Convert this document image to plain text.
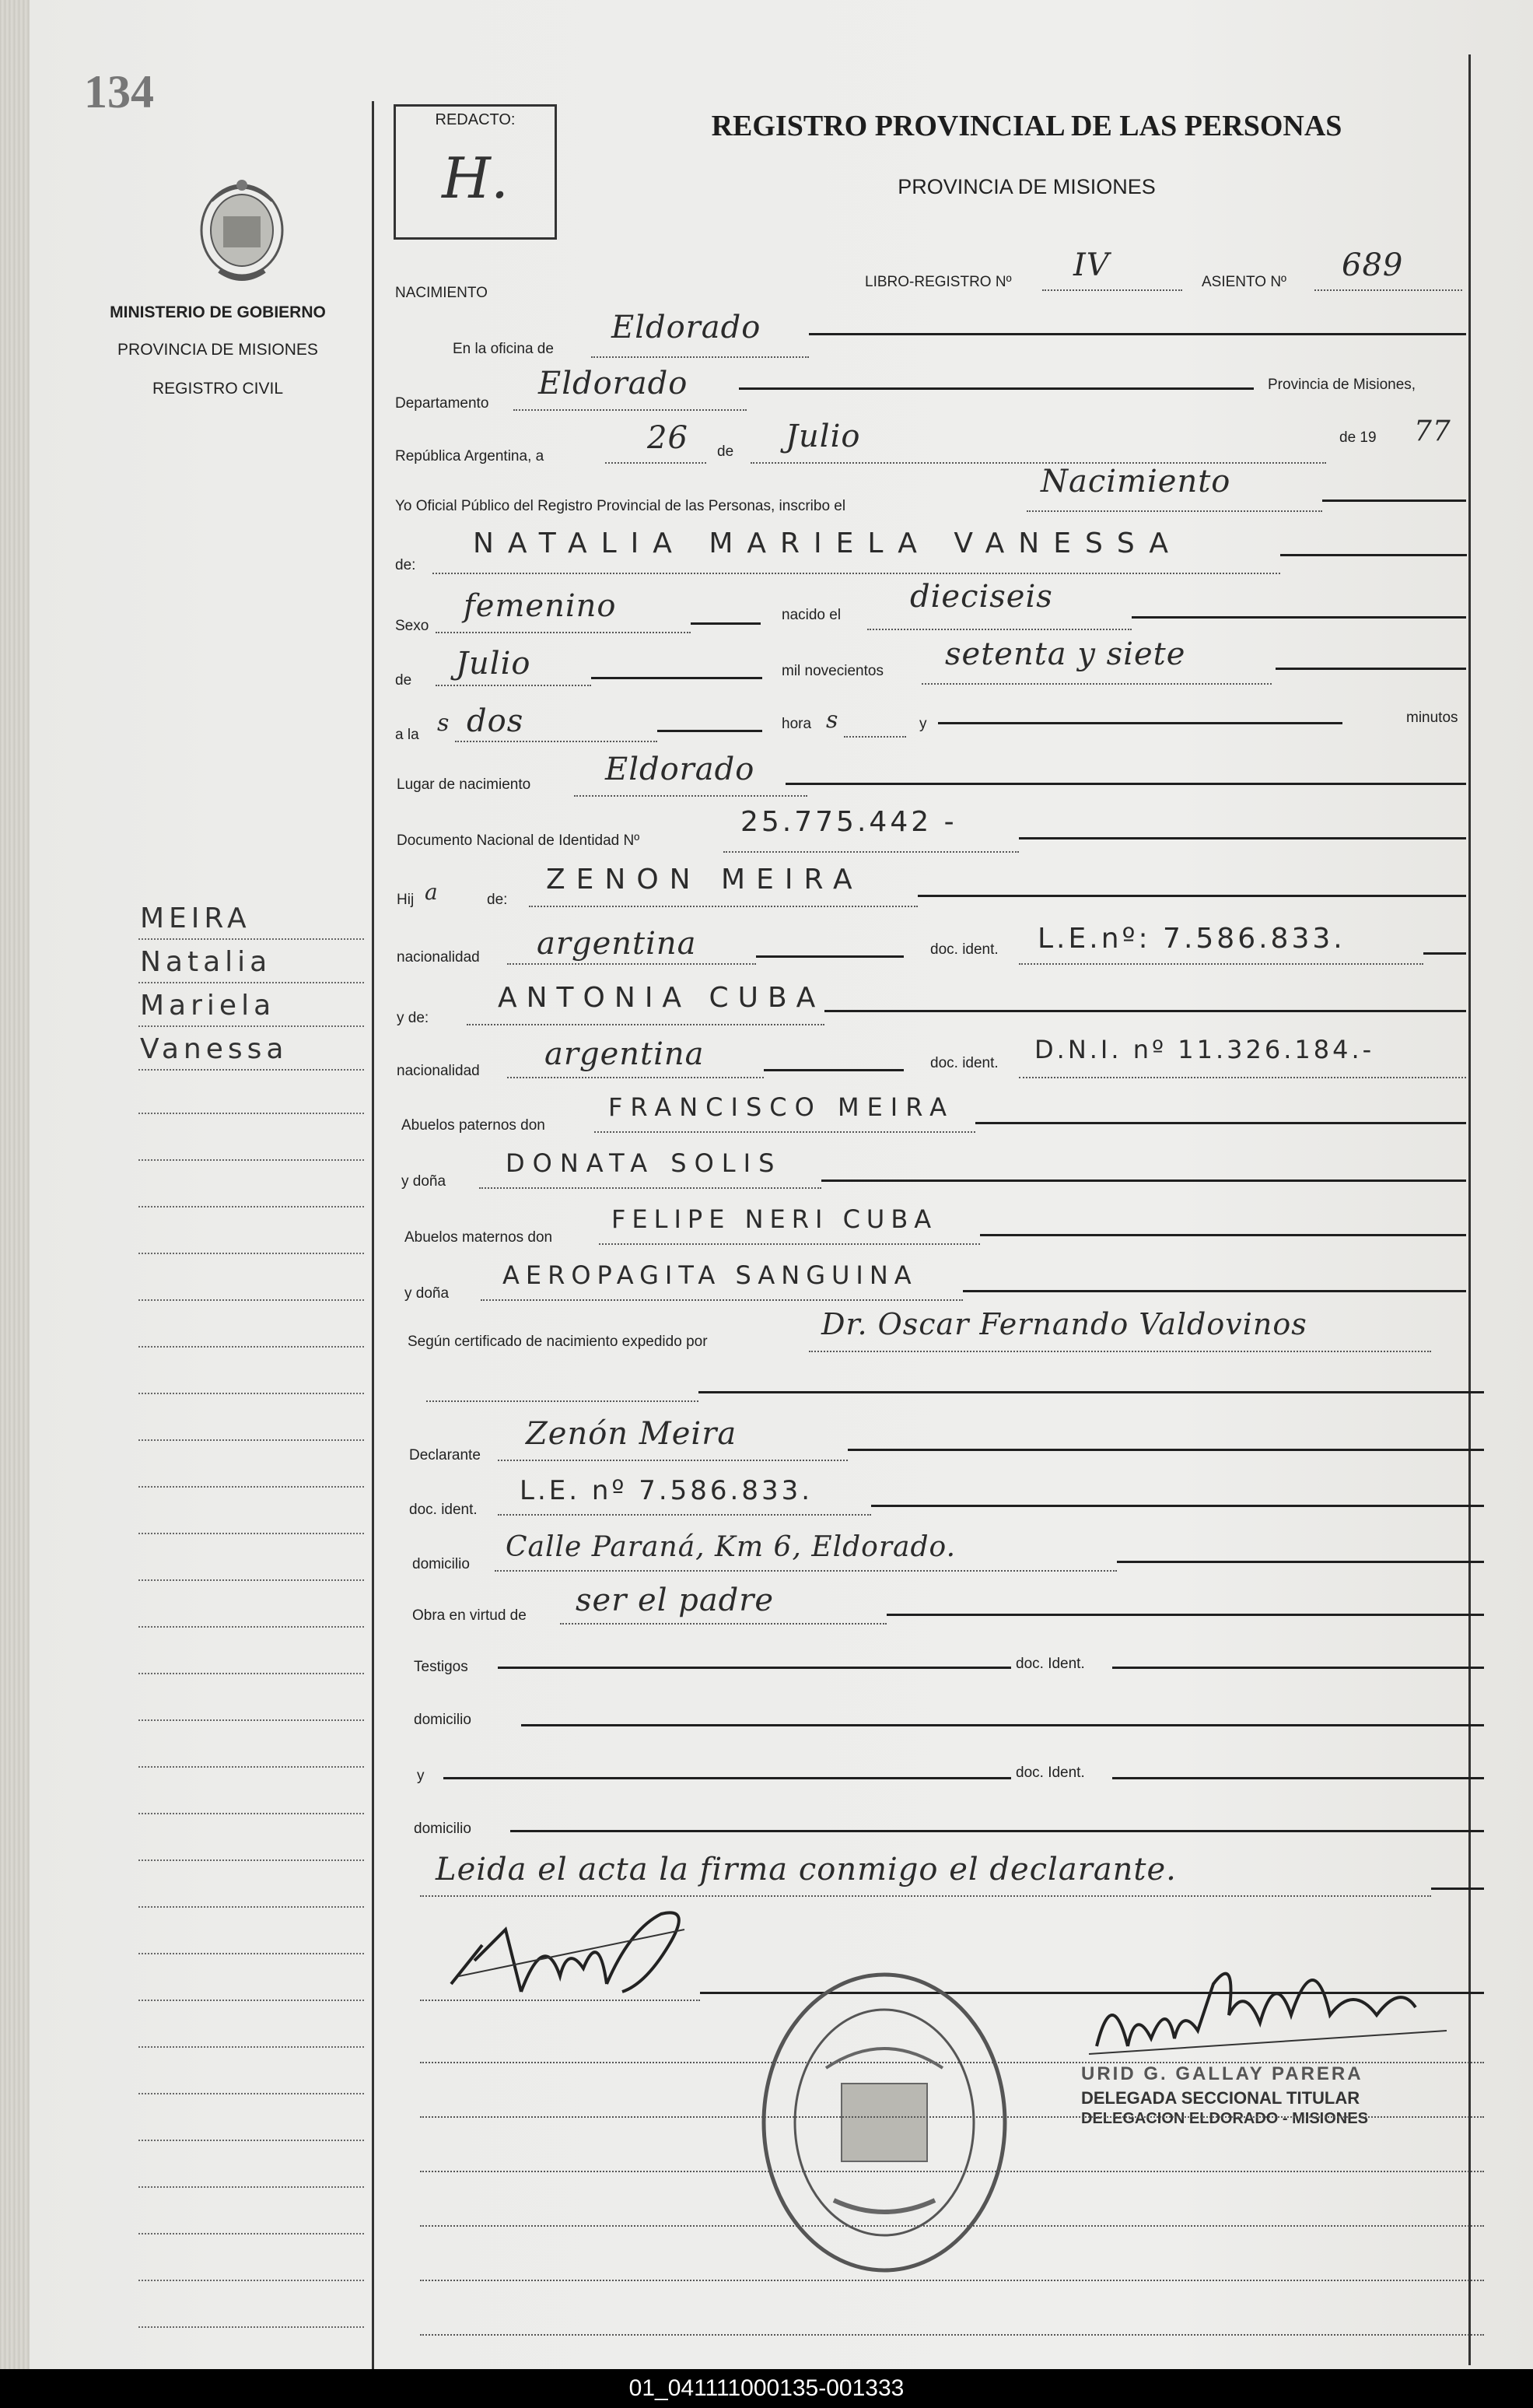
134
MINISTERIO DE GOBIERNO
PROVINCIA DE MISIONES
REGISTRO CIVIL
REDACTO:
H.
REGISTRO PROVINCIAL DE LAS PERSONAS
PROVINCIA DE MISIONES
NACIMIENTO
LIBRO-REGISTRO Nº IV	ASIENTO Nº 689
En la oficina de
Eldorado
Departamento
Eldorado	Provincia de Misiones,
República Argentina, a
26 de Julio	de 19 77
Yo Oficial Público del Registro Provincial de las Personas, inscribo el
Nacimiento
de:
NATALIA MARIELA VANESSA
Sexo
femenino	nacido el
dieciseis
de Julio	mil novecientos setenta y siete
a la s dos	hora s	y	minutos
Lugar de nacimiento Eldorado
Documento Nacional de Identidad Nº
25.775.442 -
Hij a	de:
ZENON MEIRA
nacionalidad argentina	doc. ident. L.E.nº: 7.586.833.
y de:
ANTONIA CUBA
nacionalidad argentina	doc. ident. D.N.I. nº 11.326.184.-
Abuelos paternos don
FRANCISCO MEIRA
y doña
DONATA SOLIS
Abuelos maternos don
FELIPE NERI CUBA
y doña
AEROPAGITA SANGUINA
Según certificado de nacimiento expedido por
Dr. Oscar Fernando Valdovinos
Declarante
Zenón Meira
doc. ident.
L.E. nº 7.586.833.
domicilio
Calle Paraná, Km 6, Eldorado.
Obra en virtud de ser el padre
Testigos	doc. Ident.
domicilio
y	doc. Ident.
domicilio
Leida el acta la firma conmigo el declarante.
URID G. GALLAY PARERA
DELEGADA SECCIONAL TITULAR
DELEGACION ELDORADO - MISIONES
MEIRA
Natalia
Mariela
Vanessa
01_041111000135-001333
